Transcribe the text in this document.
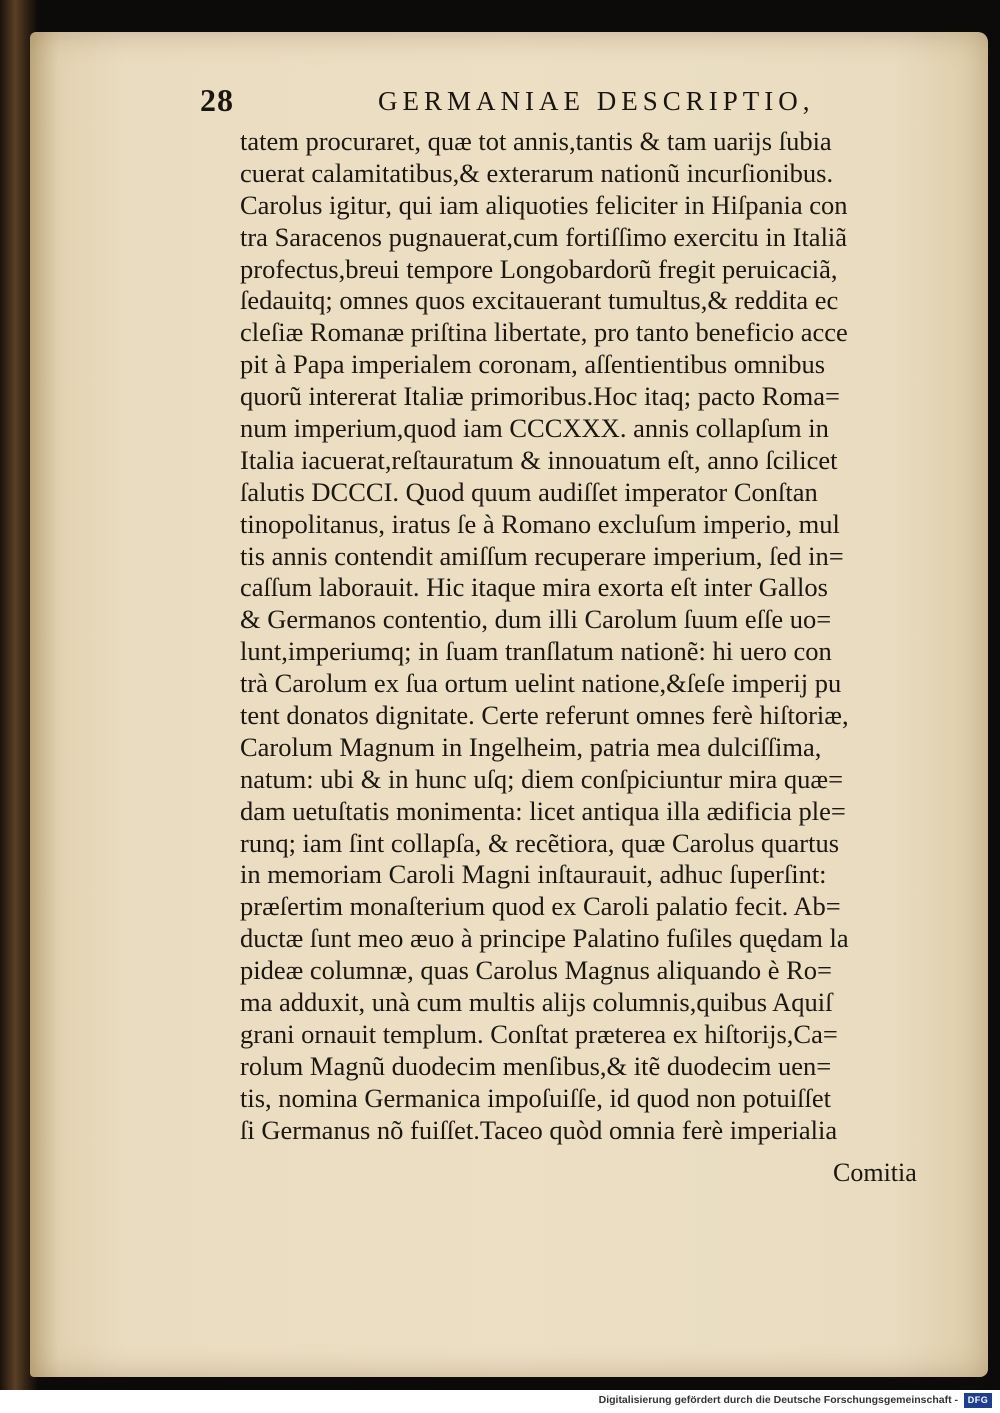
28	GERMANIAE DESCRIPTIO,
tatem procuraret, quæ tot annis,tantis & tam uarijs ſubia
cuerat calamitatibus,& exterarum nationũ incurſionibus.
Carolus igitur, qui iam aliquoties feliciter in Hiſpania con
tra Saracenos pugnauerat,cum fortiſſimo exercitu in Italiã
profectus,breui tempore Longobardorũ fregit peruicaciã,
ſedauitq; omnes quos excitauerant tumultus,& reddita ec
cleſiæ Romanæ priſtina libertate, pro tanto beneficio acce
pit à Papa imperialem coronam, aſſentientibus omnibus
quorũ intererat Italiæ primoribus.Hoc itaq; pacto Roma=
num imperium,quod iam CCCXXX. annis collapſum in
Italia iacuerat,reſtauratum & innouatum eſt, anno ſcilicet
ſalutis DCCCI. Quod quum audiſſet imperator Conſtan
tinopolitanus, iratus ſe à Romano excluſum imperio, mul
tis annis contendit amiſſum recuperare imperium, ſed in=
caſſum laborauit. Hic itaque mira exorta eſt inter Gallos
& Germanos contentio, dum illi Carolum ſuum eſſe uo=
lunt,imperiumq; in ſuam tranſlatum nationẽ: hi uero con
trà Carolum ex ſua ortum uelint natione,&ſeſe imperij pu
tent donatos dignitate. Certe referunt omnes ferè hiſtoriæ,
Carolum Magnum in Ingelheim, patria mea dulciſſima,
natum: ubi & in hunc uſq; diem conſpiciuntur mira quæ=
dam uetuſtatis monimenta: licet antiqua illa ædificia ple=
runq; iam ſint collapſa, & recẽtiora, quæ Carolus quartus
in memoriam Caroli Magni inſtaurauit, adhuc ſuperſint:
præſertim monaſterium quod ex Caroli palatio fecit. Ab=
ductæ ſunt meo æuo à principe Palatino fuſiles quędam la
pideæ columnæ, quas Carolus Magnus aliquando è Ro=
ma adduxit, unà cum multis alijs columnis,quibus Aquiſ
grani ornauit templum. Conſtat præterea ex hiſtorijs,Ca=
rolum Magnũ duodecim menſibus,& itẽ duodecim uen=
tis, nomina Germanica impoſuiſſe, id quod non potuiſſet
ſi Germanus nõ fuiſſet.Taceo quòd omnia ferè imperialia
Comitia
Digitalisierung gefördert durch die Deutsche Forschungsgemeinschaft -	DFG
